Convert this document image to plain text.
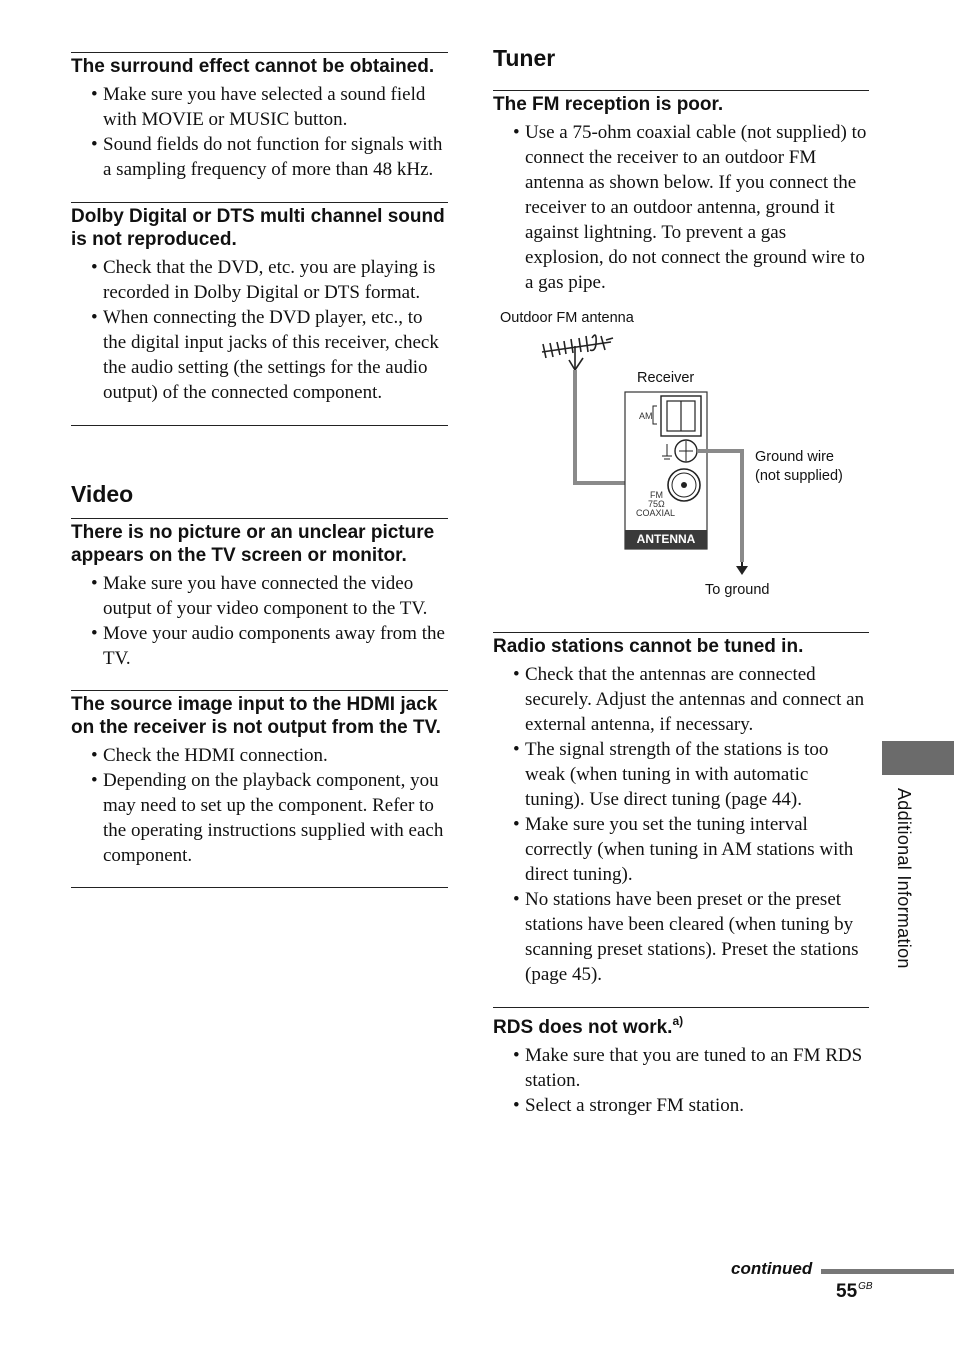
The surround effect cannot be obtained.
• Make sure you have selected a sound field with MOVIE or MUSIC button.
• Sound fields do not function for signals with a sampling frequency of more than 48 kHz.
Dolby Digital or DTS multi channel sound is not reproduced.
• Check that the DVD, etc. you are playing is recorded in Dolby Digital or DTS format.
• When connecting the DVD player, etc., to the digital input jacks of this receiver, check the audio setting (the settings for the audio output) of the connected component.
Video
There is no picture or an unclear picture appears on the TV screen or monitor.
• Make sure you have connected the video output of your video component to the TV.
• Move your audio components away from the TV.
The source image input to the HDMI jack on the receiver is not output from the TV.
• Check the HDMI connection.
• Depending on the playback component, you may need to set up the component. Refer to the operating instructions supplied with each component.
Tuner
The FM reception is poor.
• Use a 75-ohm coaxial cable (not supplied) to connect the receiver to an outdoor FM antenna as shown below. If you connect the receiver to an outdoor antenna, ground it against lightning. To prevent a gas explosion, do not connect the ground wire to a gas pipe.
Outdoor FM antenna
Receiver
Ground wire
(not supplied)
To ground
AM
FM
75Ω
COAXIAL
ANTENNA
Radio stations cannot be tuned in.
• Check that the antennas are connected securely. Adjust the antennas and connect an external antenna, if necessary.
• The signal strength of the stations is too weak (when tuning in with automatic tuning). Use direct tuning (page 44).
• Make sure you set the tuning interval correctly (when tuning in AM stations with direct tuning).
• No stations have been preset or the preset stations have been cleared (when tuning by scanning preset stations). Preset the stations (page 45).
RDS does not work.$^{a)}$
• Make sure that you are tuned to an FM RDS station.
• Select a stronger FM station.
Additional Information
continued
$55^{GB}$
